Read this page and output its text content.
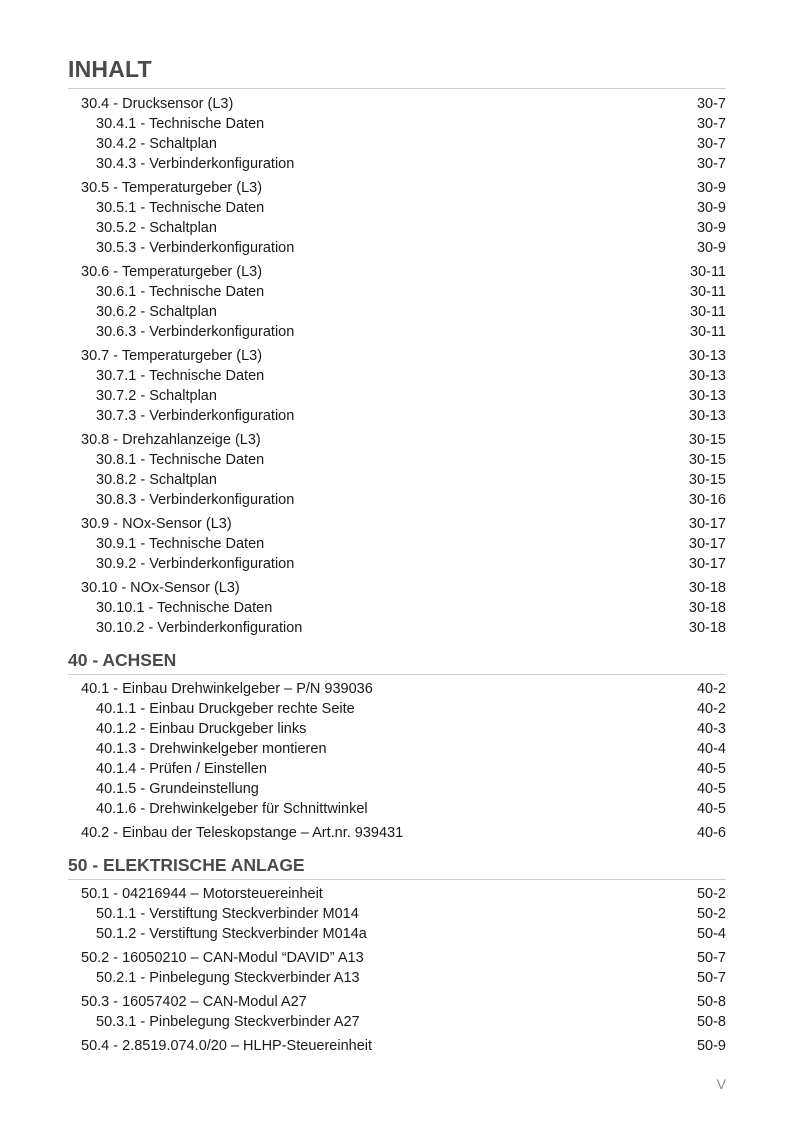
INHALT
30.4 - Drucksensor (L3)	30-7
30.4.1 - Technische Daten	30-7
30.4.2 - Schaltplan	30-7
30.4.3 - Verbinderkonfiguration	30-7
30.5 - Temperaturgeber (L3)	30-9
30.5.1 - Technische Daten	30-9
30.5.2 - Schaltplan	30-9
30.5.3 - Verbinderkonfiguration	30-9
30.6 - Temperaturgeber (L3)	30-11
30.6.1 - Technische Daten	30-11
30.6.2 - Schaltplan	30-11
30.6.3 - Verbinderkonfiguration	30-11
30.7 - Temperaturgeber (L3)	30-13
30.7.1 - Technische Daten	30-13
30.7.2 - Schaltplan	30-13
30.7.3 - Verbinderkonfiguration	30-13
30.8 - Drehzahlanzeige (L3)	30-15
30.8.1 - Technische Daten	30-15
30.8.2 - Schaltplan	30-15
30.8.3 - Verbinderkonfiguration	30-16
30.9 - NOx-Sensor (L3)	30-17
30.9.1 - Technische Daten	30-17
30.9.2 - Verbinderkonfiguration	30-17
30.10 - NOx-Sensor (L3)	30-18
30.10.1 - Technische Daten	30-18
30.10.2 - Verbinderkonfiguration	30-18
40 - ACHSEN
40.1 - Einbau Drehwinkelgeber – P/N 939036	40-2
40.1.1 - Einbau Druckgeber rechte Seite	40-2
40.1.2 - Einbau Druckgeber links	40-3
40.1.3 - Drehwinkelgeber montieren	40-4
40.1.4 - Prüfen / Einstellen	40-5
40.1.5 - Grundeinstellung	40-5
40.1.6 - Drehwinkelgeber für Schnittwinkel	40-5
40.2 - Einbau der Teleskopstange – Art.nr. 939431	40-6
50 - ELEKTRISCHE ANLAGE
50.1 - 04216944 – Motorsteuereinheit	50-2
50.1.1 - Verstiftung Steckverbinder M014	50-2
50.1.2 - Verstiftung Steckverbinder M014a	50-4
50.2 - 16050210 – CAN-Modul “DAVID” A13	50-7
50.2.1 - Pinbelegung Steckverbinder A13	50-7
50.3 - 16057402 – CAN-Modul A27	50-8
50.3.1 - Pinbelegung Steckverbinder A27	50-8
50.4 - 2.8519.074.0/20 – HLHP-Steuereinheit	50-9
V
